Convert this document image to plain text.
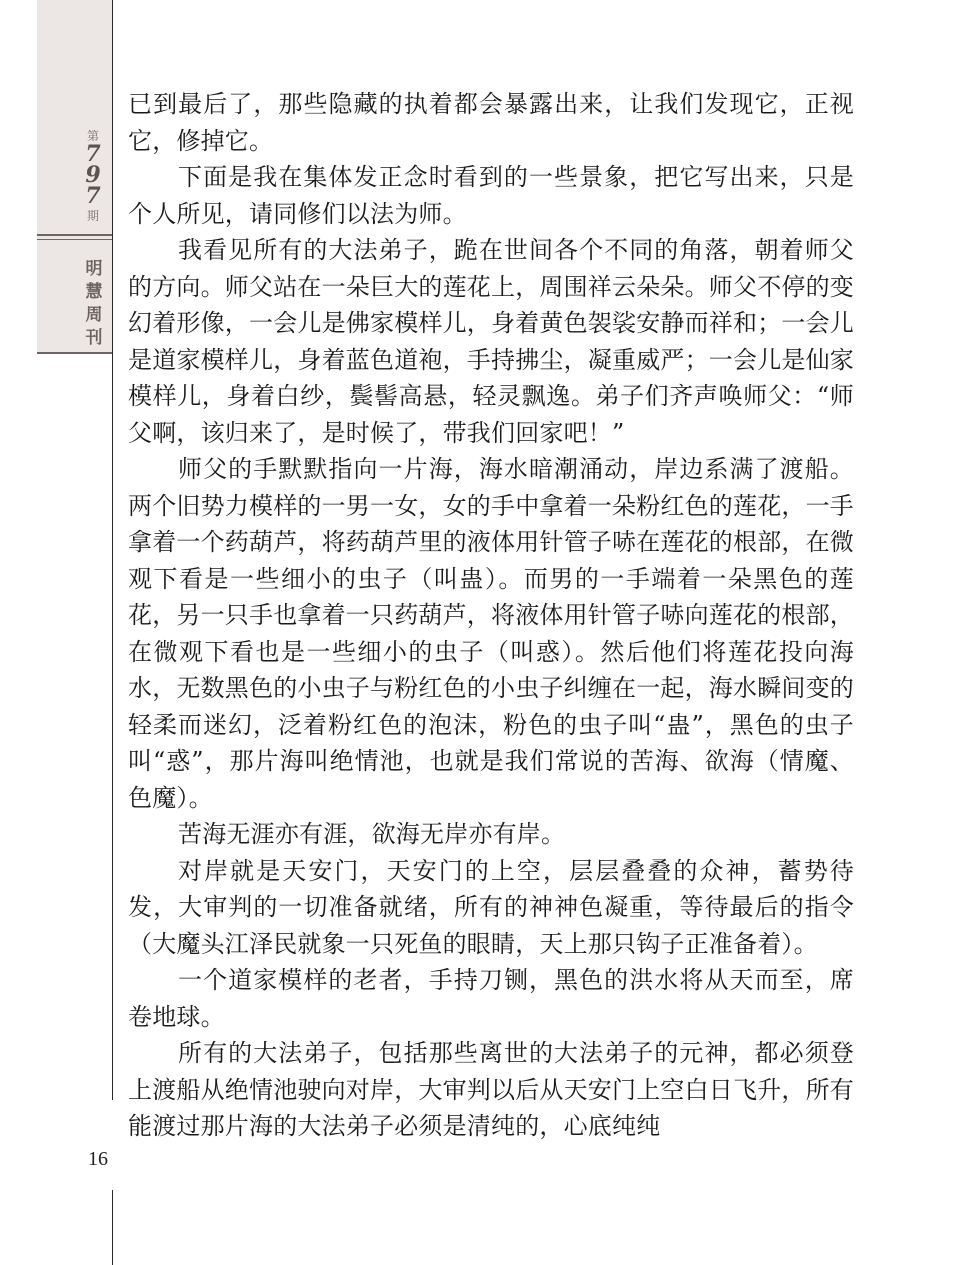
第
7
9
7
期
明
慧
周
刊
16

已到最后了，那些隐藏的执着都会暴露出来，让我们发现它，正视它，修掉它。

下面是我在集体发正念时看到的一些景象，把它写出来，只是个人所见，请同修们以法为师。

我看见所有的大法弟子，跪在世间各个不同的角落，朝着师父的方向。师父站在一朵巨大的莲花上，周围祥云朵朵。师父不停的变幻着形像，一会儿是佛家模样儿，身着黄色袈裟安静而祥和；一会儿是道家模样儿，身着蓝色道袍，手持拂尘，凝重威严；一会儿是仙家模样儿，身着白纱，鬓髻高悬，轻灵飘逸。弟子们齐声唤师父：“师父啊，该归来了，是时候了，带我们回家吧！”

师父的手默默指向一片海，海水暗潮涌动，岸边系满了渡船。两个旧势力模样的一男一女，女的手中拿着一朵粉红色的莲花，一手拿着一个药葫芦，将药葫芦里的液体用针管子哧在莲花的根部，在微观下看是一些细小的虫子（叫蛊）。而男的一手端着一朵黑色的莲花，另一只手也拿着一只药葫芦，将液体用针管子哧向莲花的根部，在微观下看也是一些细小的虫子（叫惑）。然后他们将莲花投向海水，无数黑色的小虫子与粉红色的小虫子纠缠在一起，海水瞬间变的轻柔而迷幻，泛着粉红色的泡沫，粉色的虫子叫“蛊”，黑色的虫子叫“惑”，那片海叫绝情池，也就是我们常说的苦海、欲海（情魔、色魔）。

苦海无涯亦有涯，欲海无岸亦有岸。

对岸就是天安门，天安门的上空，层层叠叠的众神，蓄势待发，大审判的一切准备就绪，所有的神神色凝重，等待最后的指令（大魔头江泽民就象一只死鱼的眼睛，天上那只钩子正准备着）。

一个道家模样的老者，手持刀铡，黑色的洪水将从天而至，席卷地球。

所有的大法弟子，包括那些离世的大法弟子的元神，都必须登上渡船从绝情池驶向对岸，大审判以后从天安门上空白日飞升，所有能渡过那片海的大法弟子必须是清纯的，心底纯纯
